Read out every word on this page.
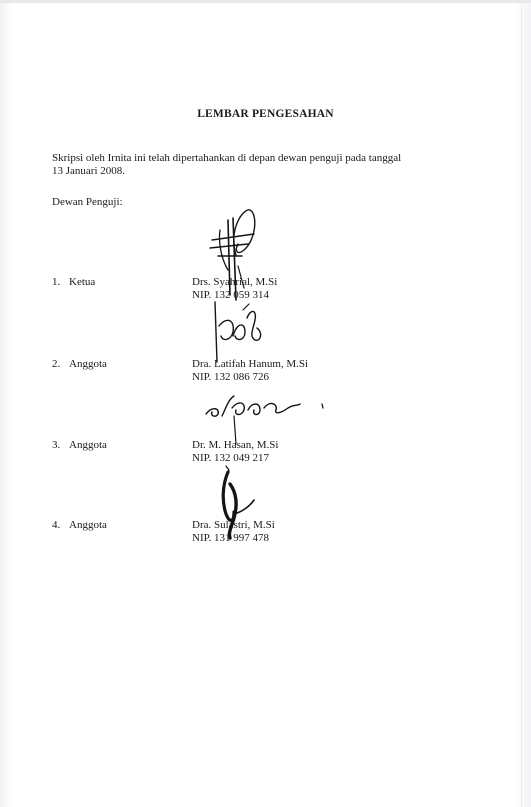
LEMBAR PENGESAHAN
Skripsi oleh Irnita ini telah dipertahankan di depan dewan penguji pada tanggal
13 Januari 2008.
Dewan Penguji:
1. Ketua	Drs. Syahrial, M.Si
NIP. 132 059 314
2. Anggota	Dra. Latifah Hanum, M.Si
NIP. 132 086 726
3. Anggota	Dr. M. Hasan, M.Si
NIP. 132 049 217
4. Anggota	Dra. Sulastri, M.Si
NIP. 131 997 478
